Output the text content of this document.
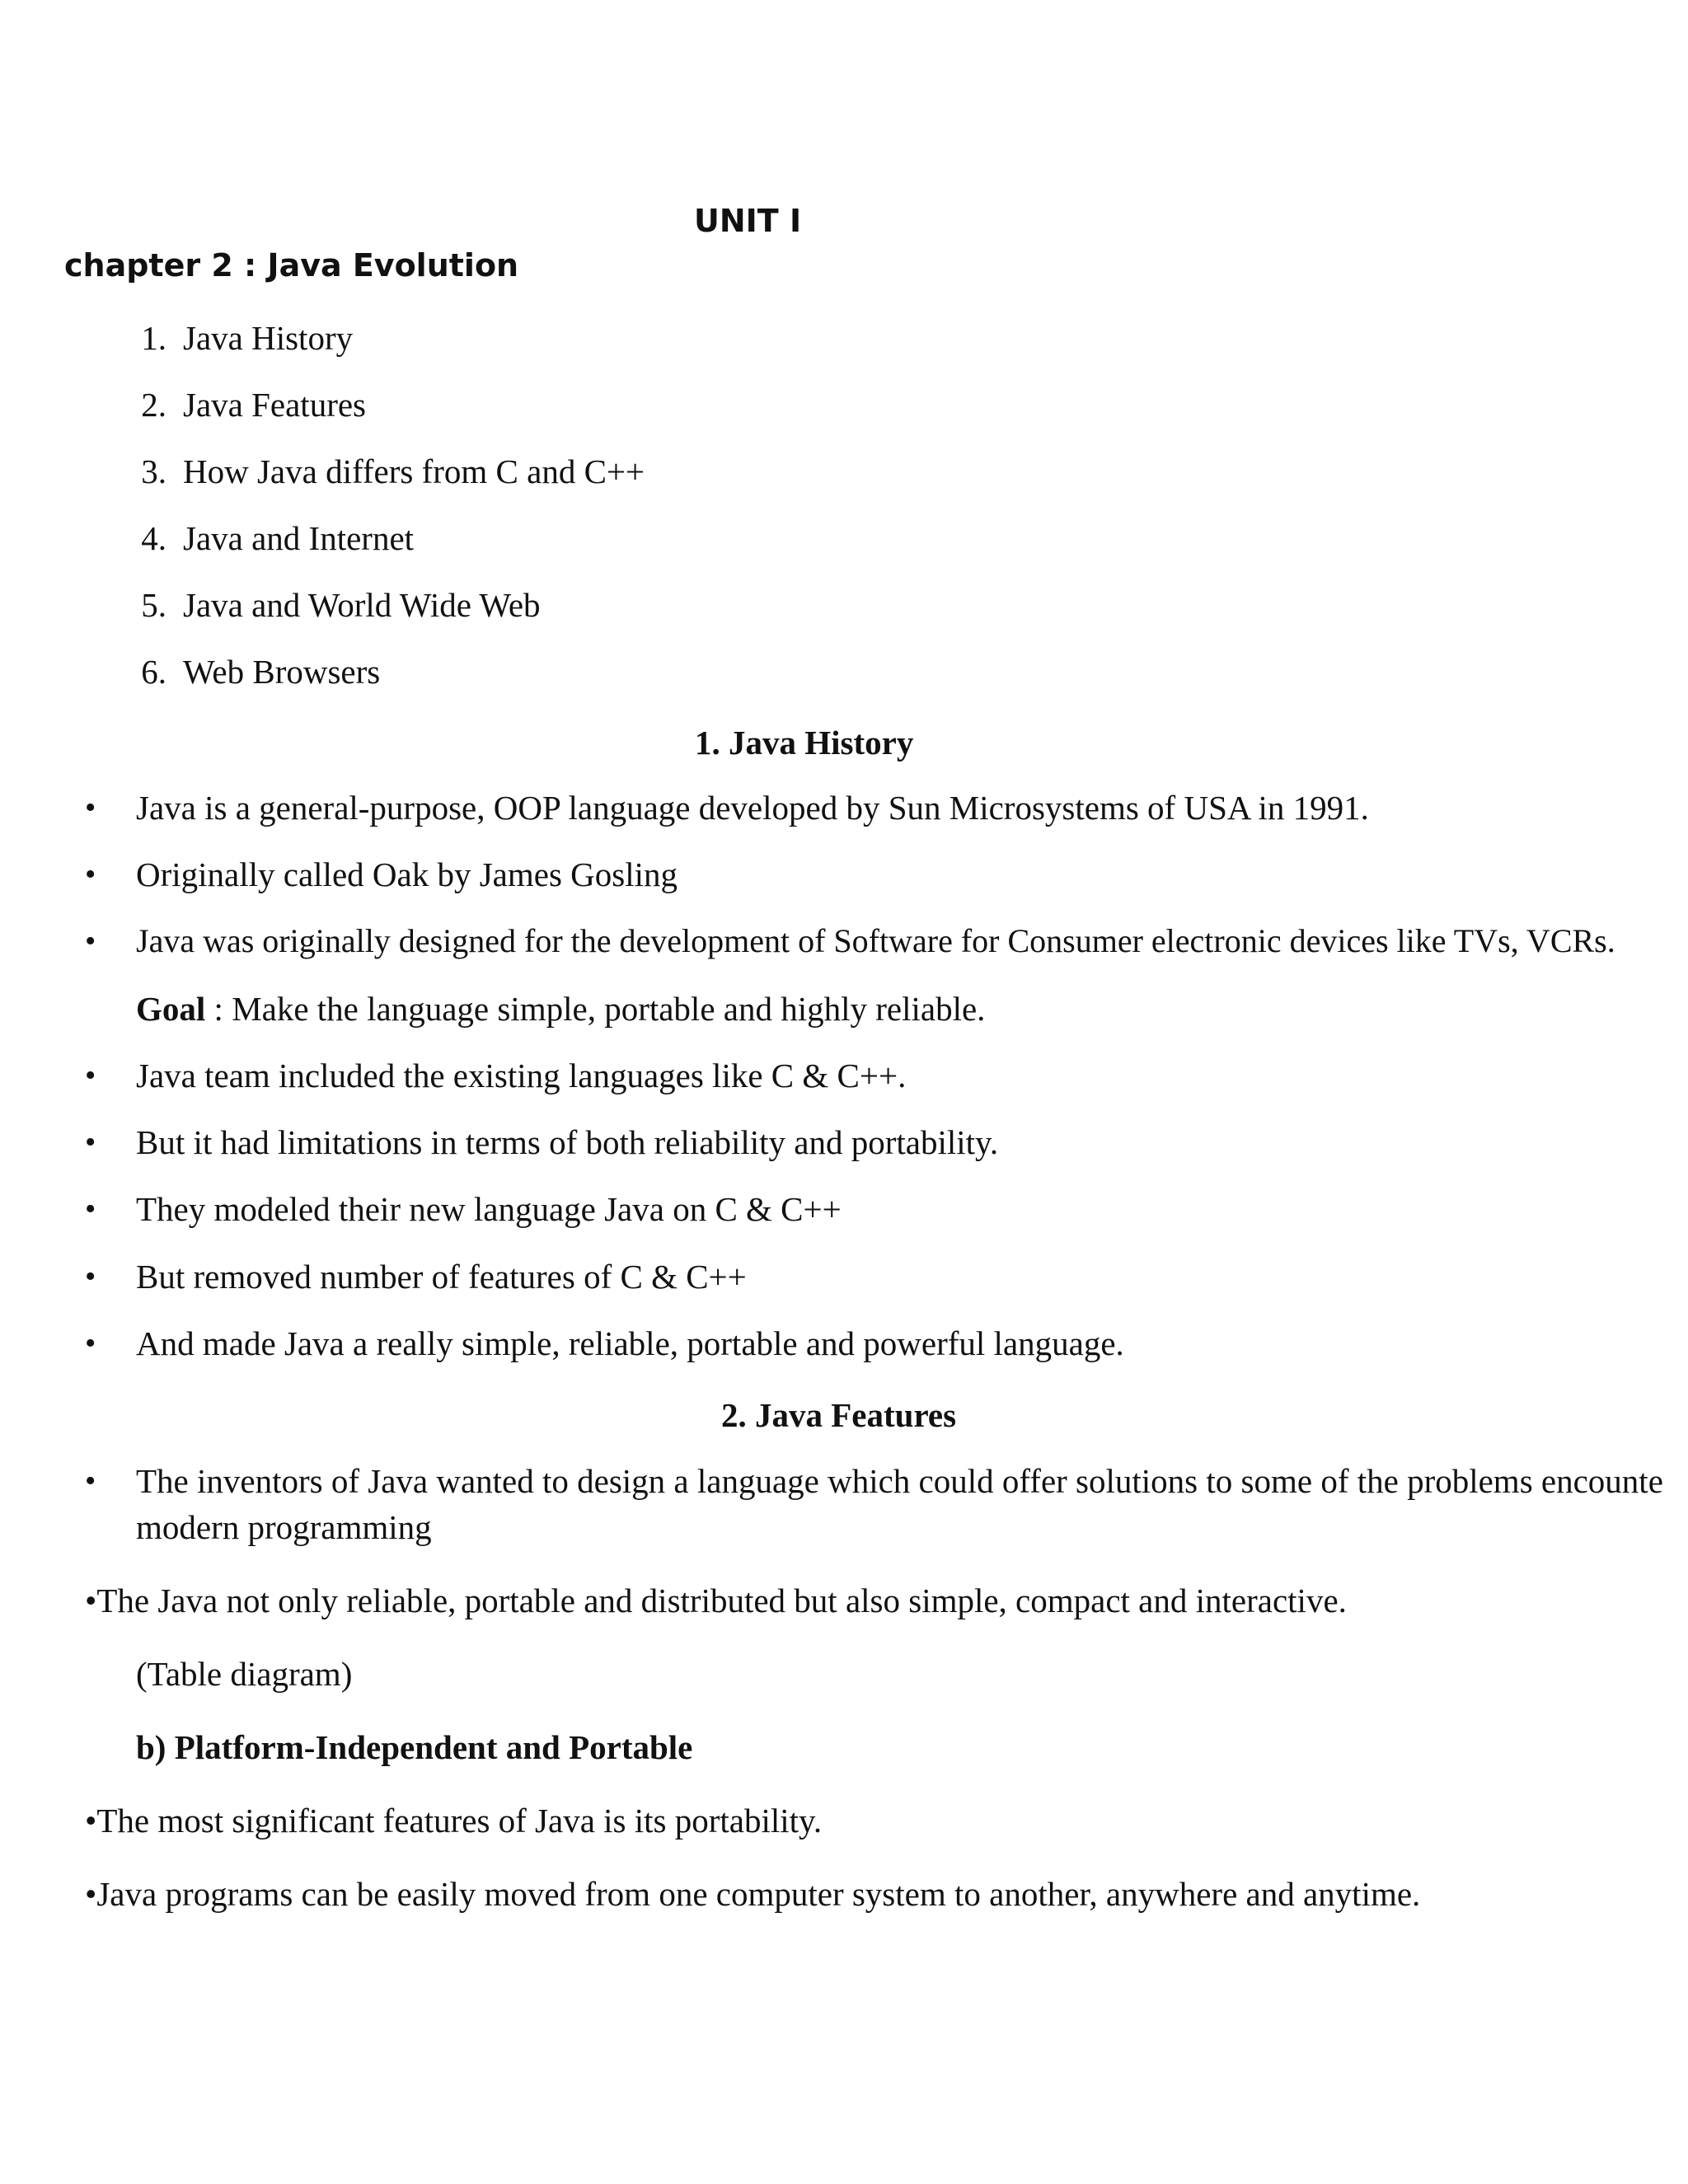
UNIT I
chapter 2 : Java Evolution
1. Java History
2. Java Features
3. How Java differs from C and C++
4. Java and Internet
5. Java and World Wide Web
6. Web Browsers
1. Java History
• Java is a general-purpose, OOP language developed by Sun Microsystems of USA in 1991.
• Originally called Oak by James Gosling
• Java was originally designed for the development of Software for Consumer electronic devices like TVs, VCRs.
Goal : Make the language simple, portable and highly reliable.
• Java team included the existing languages like C & C++.
• But it had limitations in terms of both reliability and portability.
• They modeled their new language Java on C & C++
• But removed number of features of C & C++
• And made Java a really simple, reliable, portable and powerful language.
2. Java Features
• The inventors of Java wanted to design a language which could offer solutions to some of the problems encounte
modern programming
•The Java not only reliable, portable and distributed but also simple, compact and interactive.
(Table diagram)
b) Platform-Independent and Portable
•The most significant features of Java is its portability.
•Java programs can be easily moved from one computer system to another, anywhere and anytime.
